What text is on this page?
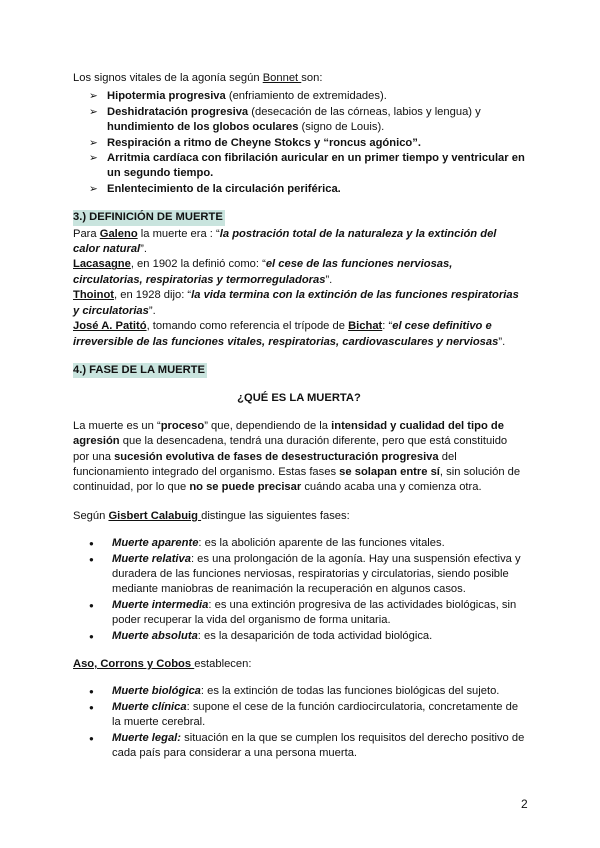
Los signos vitales de la agonía según Bonnet son:

➢ Hipotermia progresiva (enfriamiento de extremidades).
➢ Deshidratación progresiva (desecación de las córneas, labios y lengua) y hundimiento de los globos oculares (signo de Louis).
➢ Respiración a ritmo de Cheyne Stokcs y “roncus agónico”.
➢ Arritmia cardíaca con fibrilación auricular en un primer tiempo y ventricular en un segundo tiempo.
➢ Enlentecimiento de la circulación periférica.

3.) DEFINICIÓN DE MUERTE

Para Galeno la muerte era : “la postración total de la naturaleza y la extinción del calor natural”.

Lacasagne, en 1902 la definió como: “el cese de las funciones nerviosas, circulatorias, respiratorias y termorreguladoras”.

Thoinot, en 1928 dijo: “la vida termina con la extinción de las funciones respiratorias y circulatorias”.

José A. Patitó, tomando como referencia el trípode de Bichat: “el cese definitivo e irreversible de las funciones vitales, respiratorias, cardiovasculares y nerviosas”.

4.) FASE DE LA MUERTE

¿QUÉ ES LA MUERTA?

La muerte es un “proceso” que, dependiendo de la intensidad y cualidad del tipo de agresión que la desencadena, tendrá una duración diferente, pero que está constituido por una sucesión evolutiva de fases de desestructuración progresiva del funcionamiento integrado del organismo. Estas fases se solapan entre sí, sin solución de continuidad, por lo que no se puede precisar cuándo acaba una y comienza otra.

Según Gisbert Calabuig distingue las siguientes fases:

● Muerte aparente: es la abolición aparente de las funciones vitales.
● Muerte relativa: es una prolongación de la agonía. Hay una suspensión efectiva y duradera de las funciones nerviosas, respiratorias y circulatorias, siendo posible mediante maniobras de reanimación la recuperación en algunos casos.
● Muerte intermedia: es una extinción progresiva de las actividades biológicas, sin poder recuperar la vida del organismo de forma unitaria.
● Muerte absoluta: es la desaparición de toda actividad biológica.

Aso, Corrons y Cobos establecen:

● Muerte biológica: es la extinción de todas las funciones biológicas del sujeto.
● Muerte clínica: supone el cese de la función cardiocirculatoria, concretamente de la muerte cerebral.
● Muerte legal: situación en la que se cumplen los requisitos del derecho positivo de cada país para considerar a una persona muerta.
2
